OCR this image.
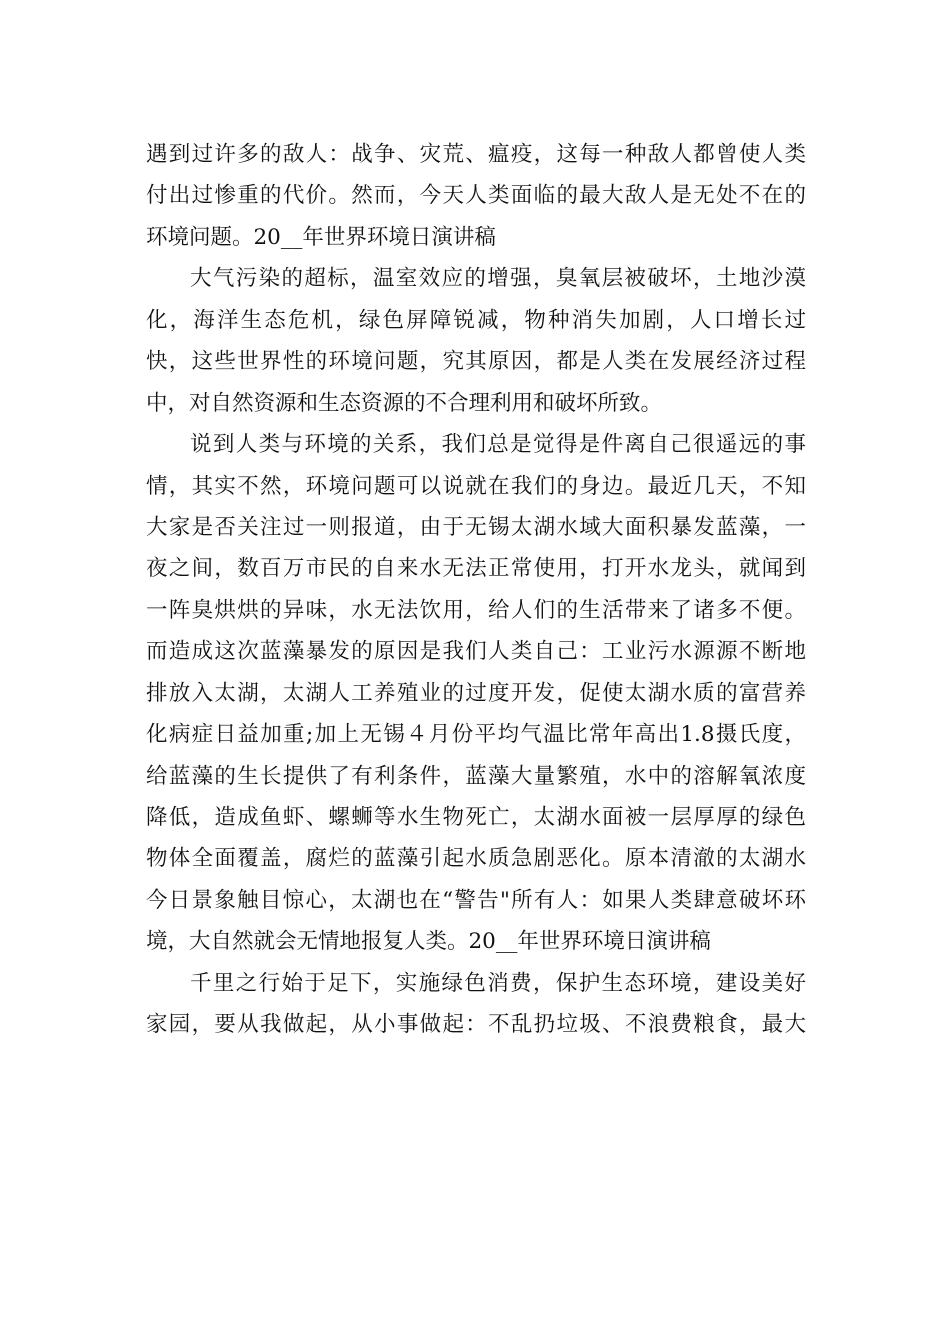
遇到过许多的敌人：战争、灾荒、瘟疫，这每一种敌人都曾使人类
付出过惨重的代价。然而，今天人类面临的最大敌人是无处不在的
环境问题。20__年世界环境日演讲稿
大气污染的超标，温室效应的增强，臭氧层被破坏，土地沙漠
化，海洋生态危机，绿色屏障锐减，物种消失加剧，人口增长过
快，这些世界性的环境问题，究其原因，都是人类在发展经济过程
中，对自然资源和生态资源的不合理利用和破坏所致。
说到人类与环境的关系，我们总是觉得是件离自己很遥远的事
情，其实不然，环境问题可以说就在我们的身边。最近几天，不知
大家是否关注过一则报道，由于无锡太湖水域大面积暴发蓝藻，一
夜之间，数百万市民的自来水无法正常使用，打开水龙头，就闻到
一阵臭烘烘的异味，水无法饮用，给人们的生活带来了诸多不便。
而造成这次蓝藻暴发的原因是我们人类自己：工业污水源源不断地
排放入太湖，太湖人工养殖业的过度开发，促使太湖水质的富营养
化病症日益加重;加上无锡４月份平均气温比常年高出1.8摄氏度，
给蓝藻的生长提供了有利条件，蓝藻大量繁殖，水中的溶解氧浓度
降低，造成鱼虾、螺蛳等水生物死亡，太湖水面被一层厚厚的绿色
物体全面覆盖，腐烂的蓝藻引起水质急剧恶化。原本清澈的太湖水
今日景象触目惊心，太湖也在“警告"所有人：如果人类肆意破坏环
境，大自然就会无情地报复人类。20__年世界环境日演讲稿
千里之行始于足下，实施绿色消费，保护生态环境，建设美好
家园，要从我做起，从小事做起：不乱扔垃圾、不浪费粮食，最大
